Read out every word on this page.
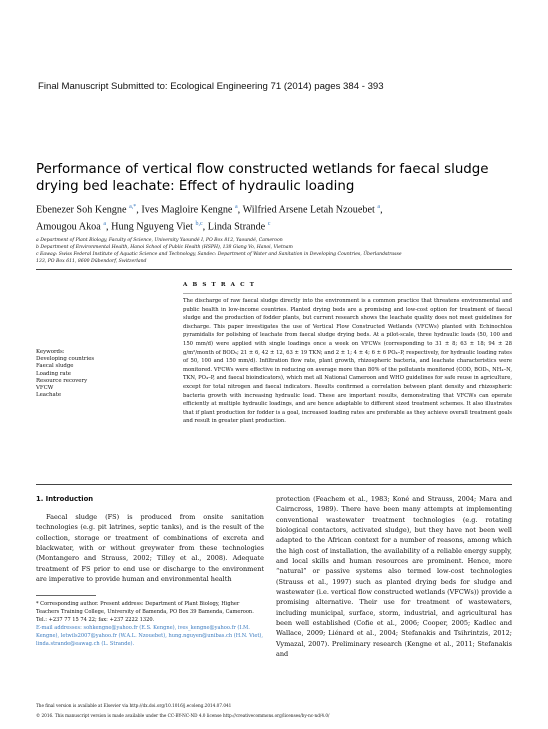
Final Manuscript Submitted to: Ecological Engineering 71 (2014) pages 384 - 393
Performance of vertical flow constructed wetlands for faecal sludge drying bed leachate: Effect of hydraulic loading
Ebenezer Soh Kengne $^{a,*}$, Ives Magloire Kengne $^a$, Wilfried Arsene Letah Nzouebet $^a$,
Amougou Akoa $^a$, Hung Nguyeng Viet $^{b,c}$, Linda Strande $^c$
a Department of Plant Biology, Faculty of Science, University Yaoundé I, PO Box 812, Yaoundé, Cameroon
b Department of Environmental Health, Hanoi School of Public Health (HSPH), 138 Giang Vo, Hanoi, Vietnam
c Eawag: Swiss Federal Institute of Aquatic Science and Technology, Sandec: Department of Water and Sanitation in Developing Countries, Überlandstrasse
133, PO Box 611, 8600 Dübendorf, Switzerland
A B S T R A C T
The discharge of raw faecal sludge directly into the environment is a common practice that threatens environmental and public health in low-income countries. Planted drying beds are a promising and low-cost option for treatment of faecal sludge and the production of fodder plants, but current research shows the leachate quality does not meet guidelines for discharge. This paper investigates the use of Vertical Flow Constructed Wetlands (VFCWs) planted with Echinochloa pyramidalis for polishing of leachate from faecal sludge drying beds. At a pilot-scale, three hydraulic loads (50, 100 and 150 mm/d) were applied with single loadings once a week on VFCWs (corresponding to 31 ± 8; 63 ± 18; 94 ± 28 g/m²/month of BOD₅; 21 ± 6, 42 ± 12, 63 ± 19 TKN; and 2 ± 1; 4 ± 4; 6 ± 6 PO₄–P, respectively, for hydraulic loading rates of 50, 100 and 150 mm/d). Infiltration flow rate, plant growth, rhizospheric bacteria, and leachate characteristics were monitored. VFCWs were effective in reducing on average more than 80% of the pollutants monitored (COD, BOD₅, NH₄–N, TKN, PO₄–P, and faecal bioindicators), which met all National Cameroon and WHO guidelines for safe reuse in agriculture, except for total nitrogen and faecal indicators. Results confirmed a correlation between plant density and rhizospheric bacteria growth with increasing hydraulic load. These are important results, demonstrating that VFCWs can operate efficiently at multiple hydraulic loadings, and are hence adaptable to different sized treatment schemes. It also illustrates that if plant production for fodder is a goal, increased loading rates are preferable as they achieve overall treatment goals and result in greater plant production.
Keywords:
Developing countries
Faecal sludge
Loading rate
Resource recovery
VFCW
Leachate
1. Introduction
Faecal sludge (FS) is produced from onsite sanitation technologies (e.g. pit latrines, septic tanks), and is the result of the collection, storage or treatment of combinations of excreta and blackwater, with or without greywater from these technologies (Montangero and Strauss, 2002; Tilley et al., 2008). Adequate treatment of FS prior to end use or discharge to the environment are imperative to provide human and environmental health
protection (Feachem et al., 1983; Koné and Strauss, 2004; Mara and Cairncross, 1989). There have been many attempts at implementing conventional wastewater treatment technologies (e.g. rotating biological contactors, activated sludge), but they have not been well adapted to the African context for a number of reasons, among which the high cost of installation, the availability of a reliable energy supply, and local skills and human resources are prominent. Hence, more “natural” or passive systems also termed low-cost technologies (Strauss et al., 1997) such as planted drying beds for sludge and wastewater (i.e. vertical flow constructed wetlands (VFCWs)) provide a promising alternative. Their use for treatment of wastewaters, including municipal, surface, storm, industrial, and agricultural has been well established (Cofie et al., 2006; Cooper, 2005; Kadlec and Wallace, 2009; Liénard et al., 2004; Stefanakis and Tsihrintzis, 2012; Vymazal, 2007). Preliminary research (Kengne et al., 2011; Stefanakis and
* Corresponding author. Present address: Department of Plant Biology, Higher Teachers Training College, University of Bamenda, PO Box 39 Bamenda, Cameroon. Tel.: +237 77 15 74 22; fax: +237 2222 1320.
E-mail addresses: sohkengne@yahoo.fr (E.S. Kengne), ives_kengne@yahoo.fr (I.M. Kengne), letwils2007@yahoo.fr (W.A.L. Nzouebet), hung.nguyen@unibas.ch (H.N. Viet), linda.strande@eawag.ch (L. Strande).
The final version is available at Elsevier via http://dx.doi.org/10.1016/j.ecoleng.2014.07.041
© 2016. This manuscript version is made available under the CC-BY-NC-ND 4.0 license http://creativecommons.org/licenses/by-nc-nd/4.0/
